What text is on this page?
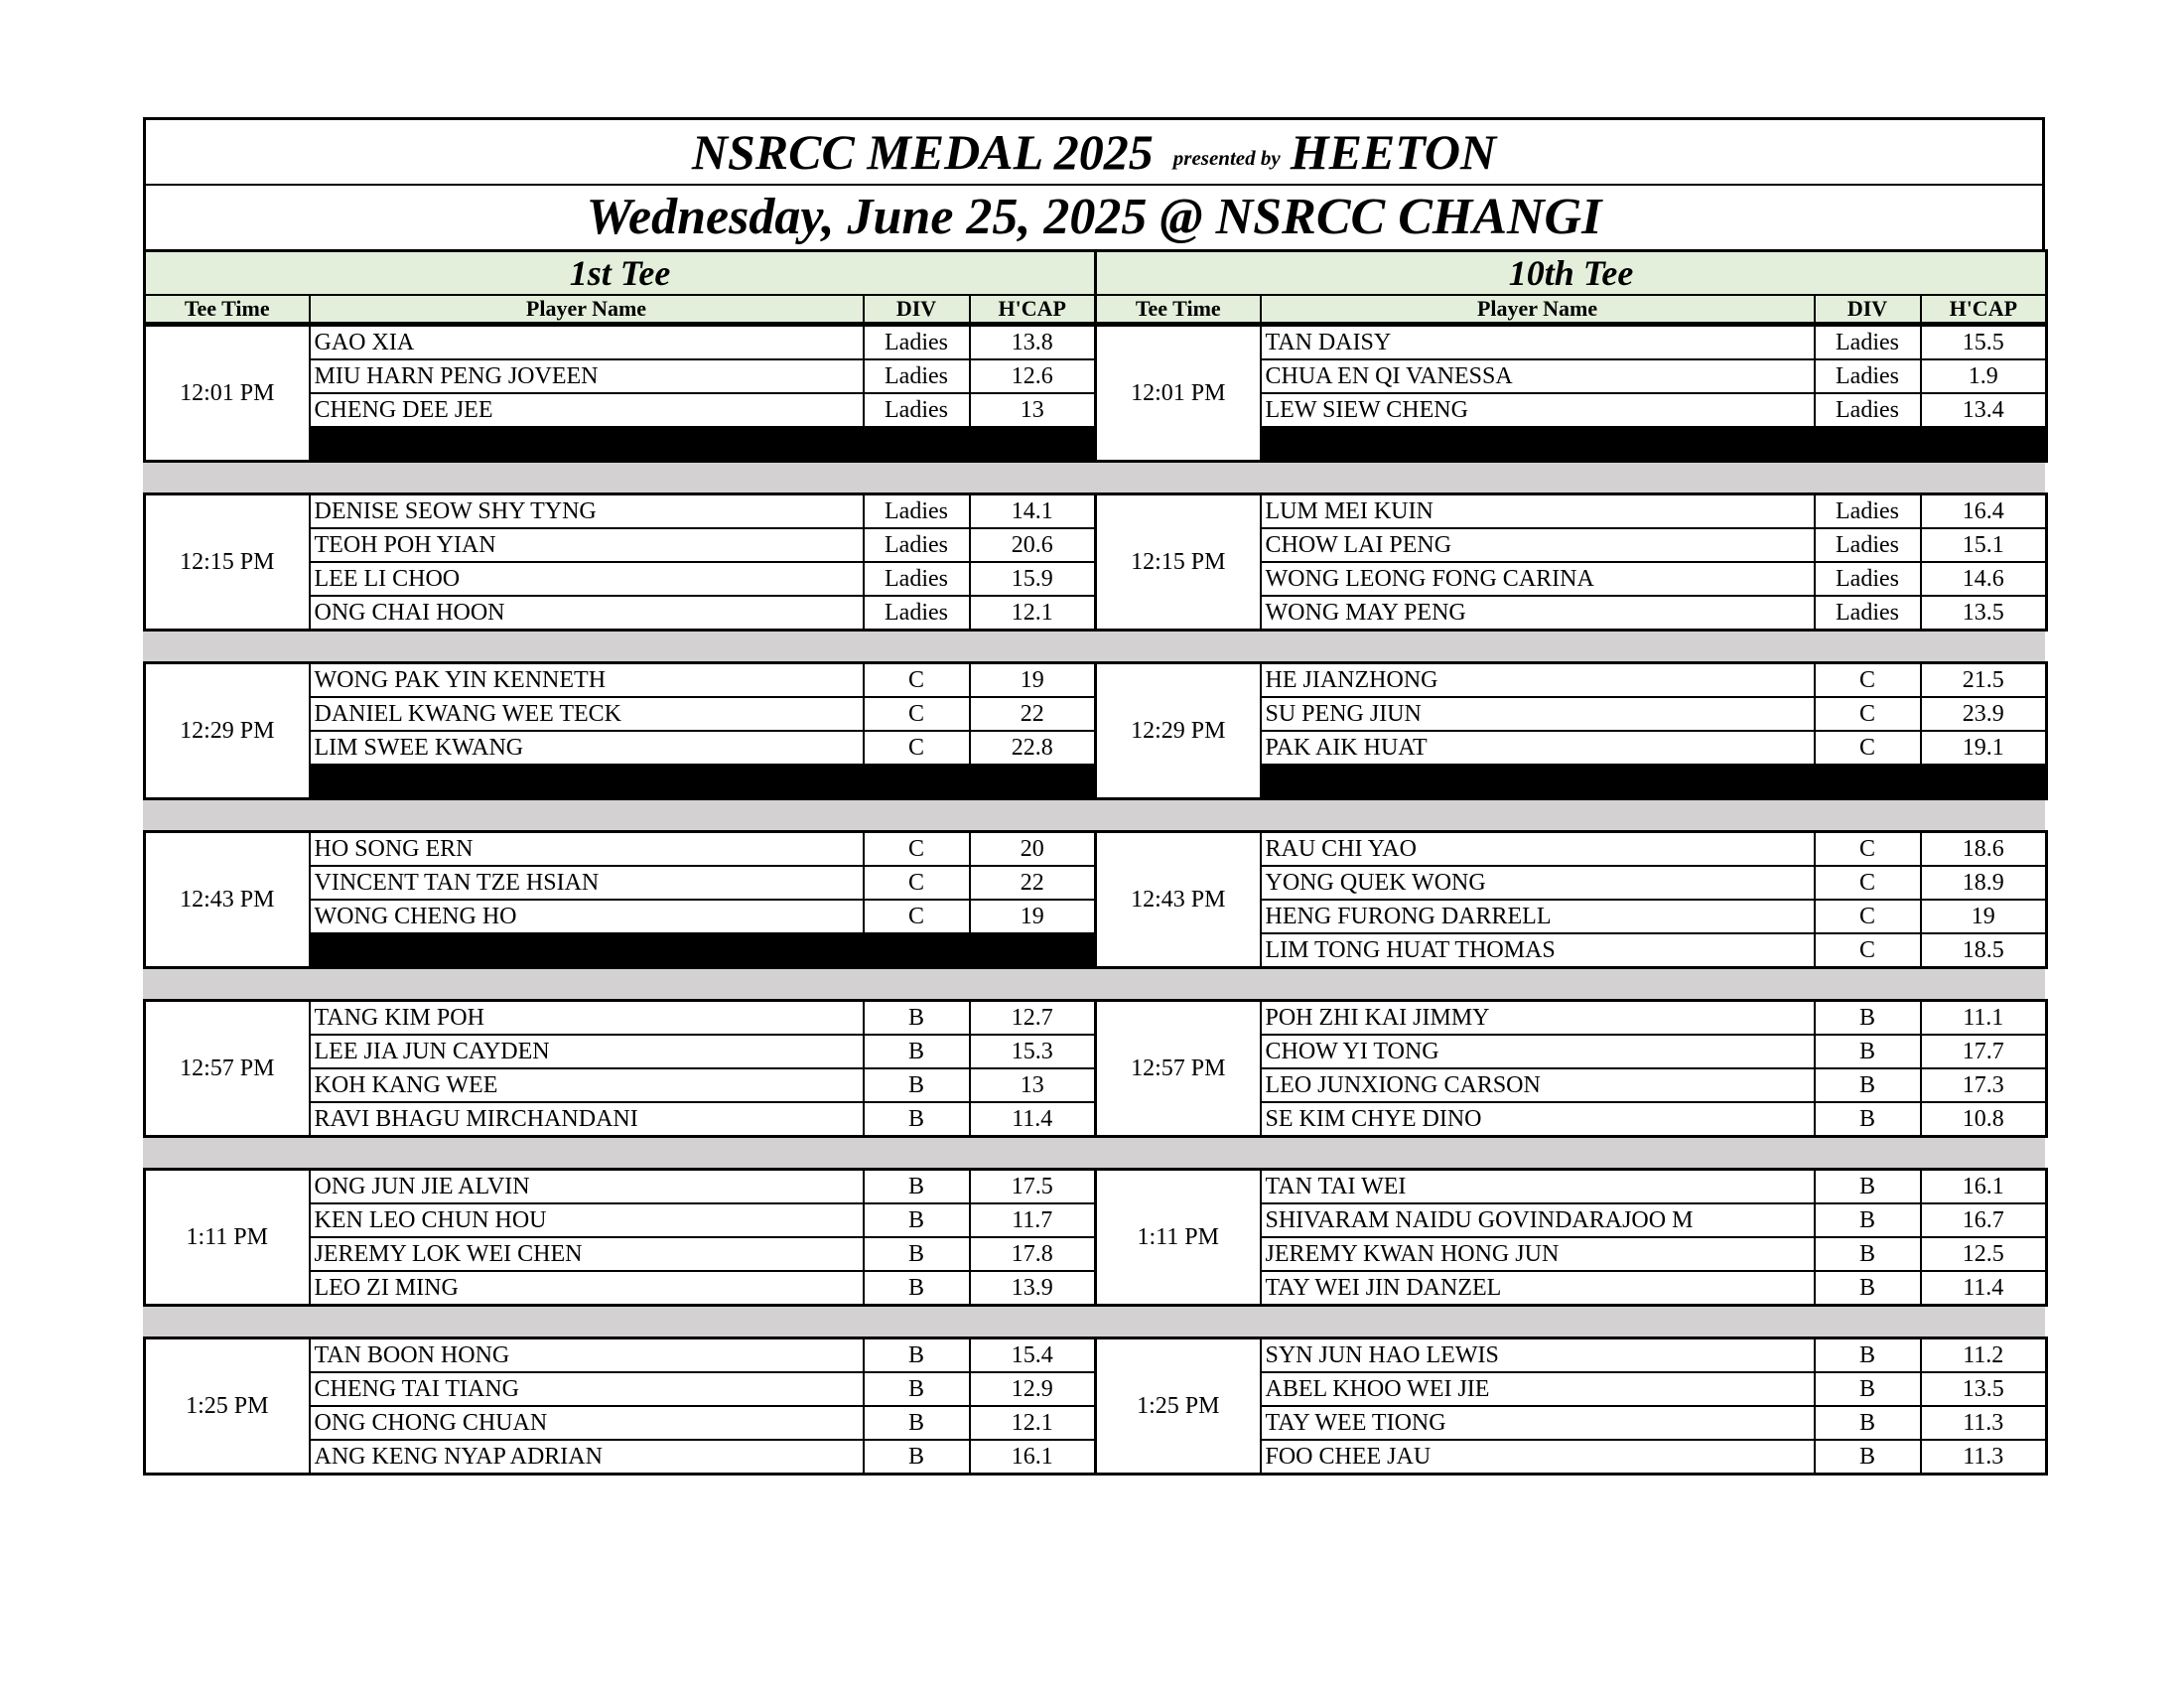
NSRCC MEDAL 2025 presented by HEETON
Wednesday, June 25, 2025 @ NSRCC CHANGI
1st Tee				10th Tee			
Tee Time	Player Name	DIV	H'CAP	Tee Time	Player Name	DIV	H'CAP
12:01 PM	GAO XIA	Ladies	13.8	12:01 PM	TAN DAISY	Ladies	15.5
	MIU HARN PENG JOVEEN	Ladies	12.6		CHUA EN QI VANESSA	Ladies	1.9
	CHENG DEE JEE	Ladies	13		LEW SIEW CHENG	Ladies	13.4

12:15 PM	DENISE SEOW SHY TYNG	Ladies	14.1	12:15 PM	LUM MEI KUIN	Ladies	16.4
	TEOH POH YIAN	Ladies	20.6		CHOW LAI PENG	Ladies	15.1
	LEE LI CHOO	Ladies	15.9		WONG LEONG FONG CARINA	Ladies	14.6
	ONG CHAI HOON	Ladies	12.1		WONG MAY PENG	Ladies	13.5
12:29 PM	WONG PAK YIN KENNETH	C	19	12:29 PM	HE JIANZHONG	C	21.5
	DANIEL KWANG WEE TECK	C	22		SU PENG JIUN	C	23.9
	LIM SWEE KWANG	C	22.8		PAK AIK HUAT	C	19.1

12:43 PM	HO SONG ERN	C	20	12:43 PM	RAU CHI YAO	C	18.6
	VINCENT TAN TZE HSIAN	C	22		YONG QUEK WONG	C	18.9
	WONG CHENG HO	C	19		HENG FURONG DARRELL	C	19
					LIM TONG HUAT THOMAS	C	18.5
12:57 PM	TANG KIM POH	B	12.7	12:57 PM	POH ZHI KAI JIMMY	B	11.1
	LEE JIA JUN CAYDEN	B	15.3		CHOW YI TONG	B	17.7
	KOH KANG WEE	B	13		LEO JUNXIONG CARSON	B	17.3
	RAVI BHAGU MIRCHANDANI	B	11.4		SE KIM CHYE DINO	B	10.8
1:11 PM	ONG JUN JIE ALVIN	B	17.5	1:11 PM	TAN TAI WEI	B	16.1
	KEN LEO CHUN HOU	B	11.7		SHIVARAM NAIDU GOVINDARAJOO M	B	16.7
	JEREMY LOK WEI CHEN	B	17.8		JEREMY KWAN HONG JUN	B	12.5
	LEO ZI MING	B	13.9		TAY WEI JIN DANZEL	B	11.4
1:25 PM	TAN BOON HONG	B	15.4	1:25 PM	SYN JUN HAO LEWIS	B	11.2
	CHENG TAI TIANG	B	12.9		ABEL KHOO WEI JIE	B	13.5
	ONG CHONG CHUAN	B	12.1		TAY WEE TIONG	B	11.3
	ANG KENG NYAP ADRIAN	B	16.1		FOO CHEE JAU	B	11.3
